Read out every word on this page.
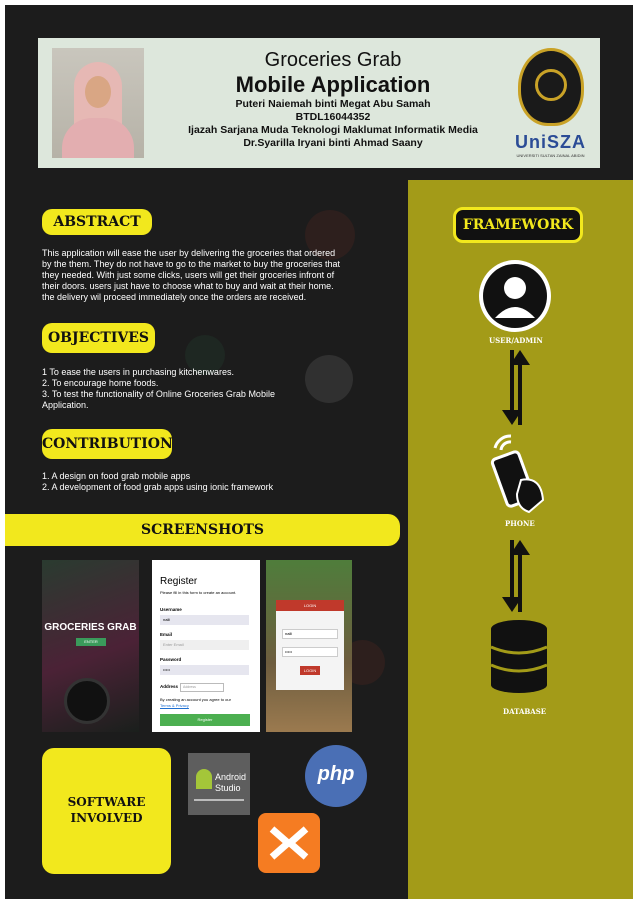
Groceries Grab
Mobile Application
Puteri Naiemah binti Megat Abu Samah
BTDL16044352
Ijazah Sarjana Muda Teknologi Maklumat Informatik Media
Dr.Syarilla Iryani binti Ahmad Saany	UniSZA
UNIVERSITI SULTAN ZAINAL ABIDIN
ABSTRACT
This application will ease the user by delivering the groceries that ordered by the them. They do not have to go to the market to buy the groceries that they needed. With just some clicks, users will get their groceries infront of their doors. users just have to choose what to buy and wait at their home. the delivery wil proceed immediately once the orders are received.
OBJECTIVES
1 To ease the users in purchasing kitchenwares.
2. To encourage home foods.
3. To test the functionality of Online Groceries Grab Mobile Application.
CONTRIBUTION
1. A design on food grab mobile apps
2. A development of food grab apps using ionic framework
SCREENSHOTS
GROCERIES GRAB
ENTER
Register
Please fill in this form to create an account.
Username
naili
Email
Enter Email
Password
•••••
Address	Address
By creating an account you agree to our
Terms & Privacy
Register
LOGIN
naili
•••••
LOGIN
SOFTWARE
INVOLVED
Android
Studio
php
FRAMEWORK
USER/ADMIN
PHONE
DATABASE
